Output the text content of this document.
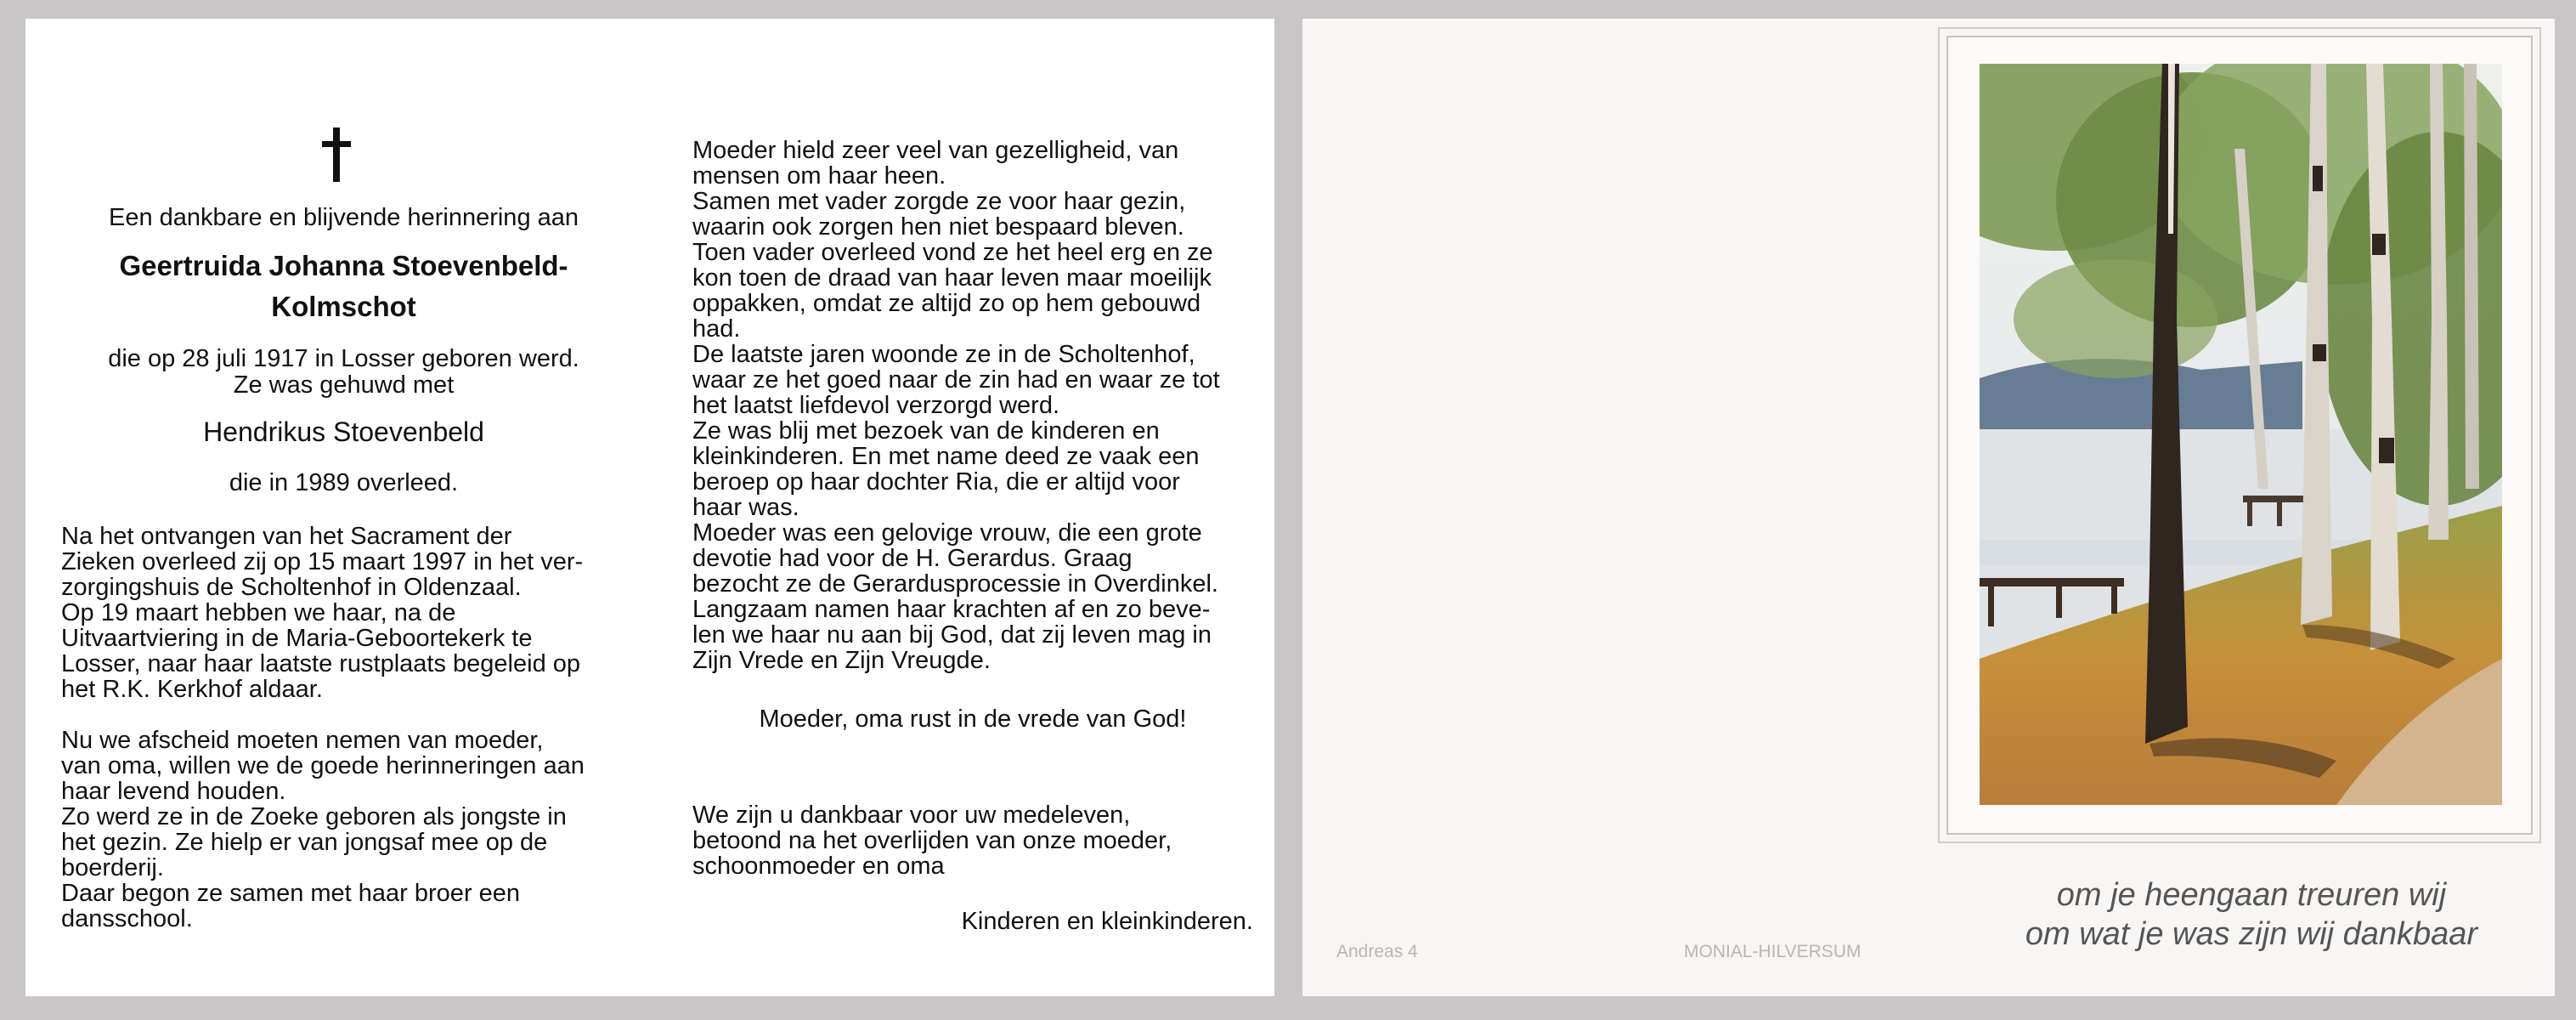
Een dankbare en blijvende herinnering aan
Geertruida Johanna Stoevenbeld-
Kolmschot
die op 28 juli 1917 in Losser geboren werd.
Ze was gehuwd met
Hendrikus Stoevenbeld
die in 1989 overleed.

Na het ontvangen van het Sacrament der

Zieken overleed zij op 15 maart 1997 in het ver-

zorgingshuis de Scholtenhof in Oldenzaal.

Op 19 maart hebben we haar, na de

Uitvaartviering in de Maria-Geboortekerk te

Losser, naar haar laatste rustplaats begeleid op

het R.K. Kerkhof aldaar.

Nu we afscheid moeten nemen van moeder,

van oma, willen we de goede herinneringen aan

haar levend houden.

Zo werd ze in de Zoeke geboren als jongste in

het gezin. Ze hielp er van jongsaf mee op de

boerderij.

Daar begon ze samen met haar broer een

dansschool.

Moeder hield zeer veel van gezelligheid, van

mensen om haar heen.

Samen met vader zorgde ze voor haar gezin,

waarin ook zorgen hen niet bespaard bleven.

Toen vader overleed vond ze het heel erg en ze

kon toen de draad van haar leven maar moeilijk

oppakken, omdat ze altijd zo op hem gebouwd

had.

De laatste jaren woonde ze in de Scholtenhof,

waar ze het goed naar de zin had en waar ze tot

het laatst liefdevol verzorgd werd.

Ze was blij met bezoek van de kinderen en

kleinkinderen. En met name deed ze vaak een

beroep op haar dochter Ria, die er altijd voor

haar was.

Moeder was een gelovige vrouw, die een grote

devotie had voor de H. Gerardus. Graag

bezocht ze de Gerardusprocessie in Overdinkel.

Langzaam namen haar krachten af en zo beve-

len we haar nu aan bij God, dat zij leven mag in

Zijn Vrede en Zijn Vreugde.

Moeder, oma rust in de vrede van God!

We zijn u dankbaar voor uw medeleven,

betoond na het overlijden van onze moeder,

schoonmoeder en oma

Kinderen en kleinkinderen.
om je heengaan treuren wij
om wat je was zijn wij dankbaar
Andreas 4	MONIAL-HILVERSUM
